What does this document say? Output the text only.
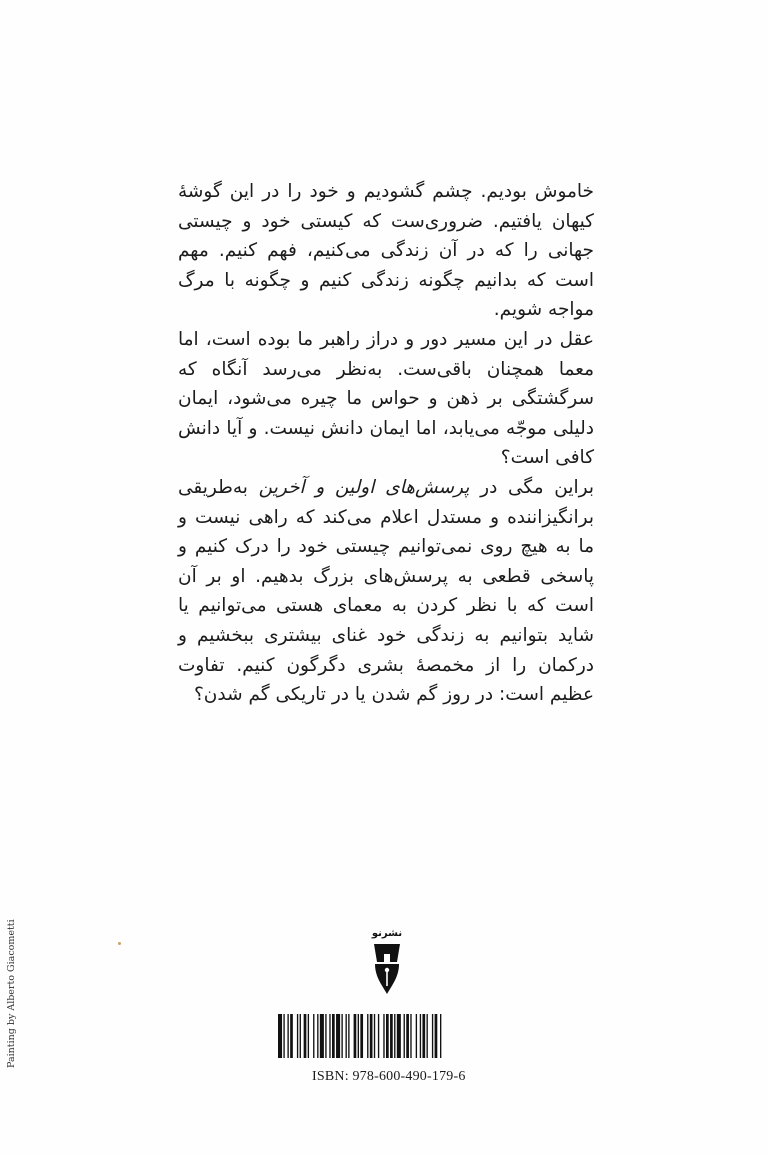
خاموش بودیم. چشم گشودیم و خود را در این گوشهٔ کیهان یافتیم. ضروری‌ست که کیستی خود و چیستی جهانی را که در آن زندگی می‌کنیم، فهم کنیم. مهم است که بدانیم چگونه زندگی کنیم و چگونه با مرگ مواجه شویم.

عقل در این مسیر دور و دراز راهبر ما بوده است، اما معما همچنان باقی‌ست. به‌نظر می‌رسد آنگاه که سرگشتگی بر ذهن و حواس ما چیره می‌شود، ایمان دلیلی موجّه می‌یابد، اما ایمان دانش نیست. و آیا دانش کافی است؟

براین مگی در پرسش‌های اولین و آخرین به‌طریقی برانگیزاننده و مستدل اعلام می‌کند که راهی نیست و ما به هیچ روی نمی‌توانیم چیستی خود را درک کنیم و پاسخی قطعی به پرسش‌های بزرگ بدهیم. او بر آن است که با نظر کردن به معمای هستی می‌توانیم یا شاید بتوانیم به زندگی خود غنای بیشتری ببخشیم و درکمان را از مخمصهٔ بشری دگرگون کنیم. تفاوت عظیم است: در روز گم شدن یا در تاریکی گم شدن؟

Painting by Alberto Giacometti	نشرنو
ISBN: 978-600-490-179-6
